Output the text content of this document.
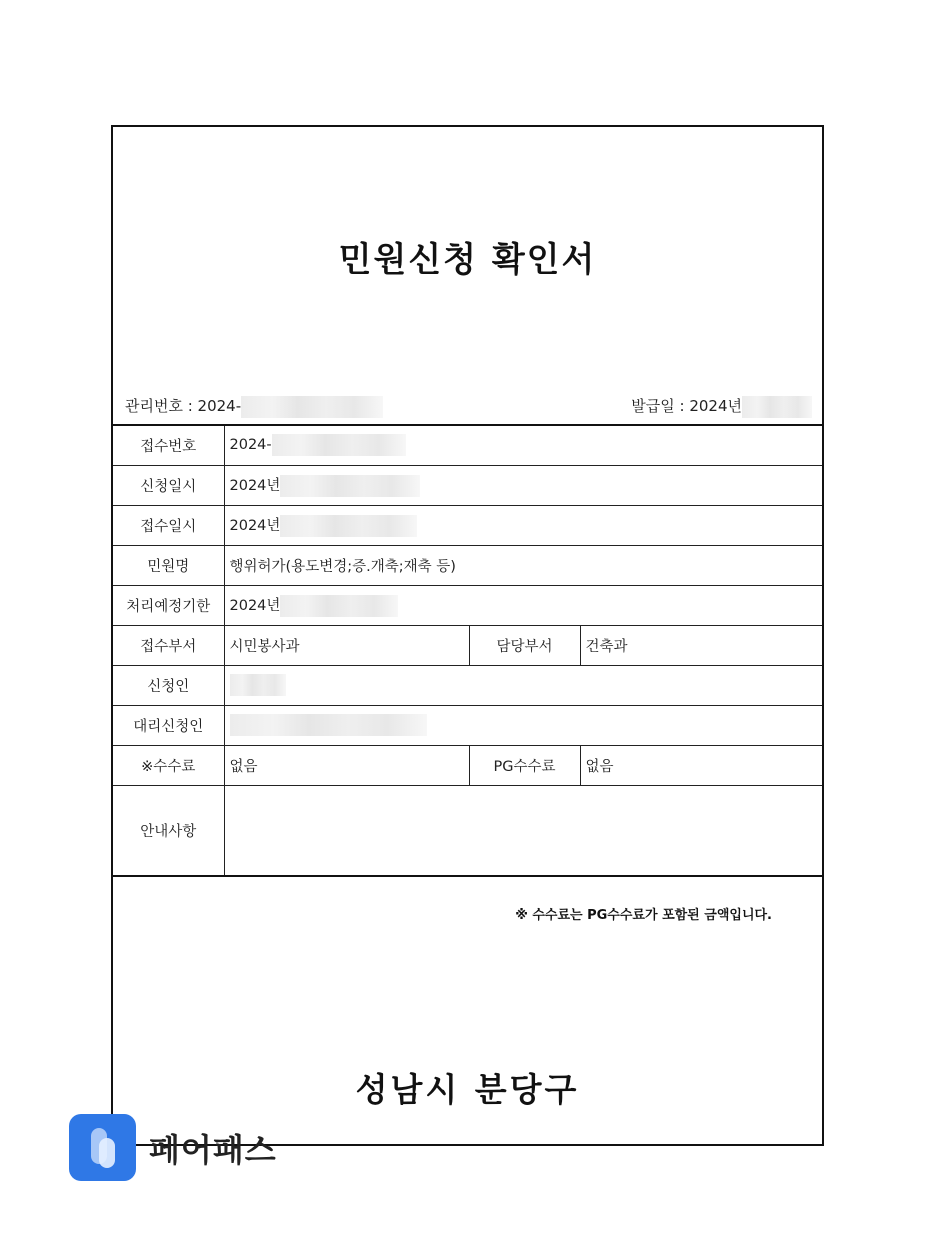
민원신청 확인서
관리번호 : 2024-	발급일 : 2024년
접수번호	2024-		
신청일시	2024년		
접수일시	2024년		
민원명	행위허가(용도변경;증.개축;재축 등)		
처리예정기한	2024년		
접수부서	시민봉사과	담당부서	건축과
신청인			
대리신청인			
※수수료	없음	PG수수료	없음
안내사항			
※ 수수료는 PG수수료가 포함된 금액입니다.
성남시 분당구
페어패스
